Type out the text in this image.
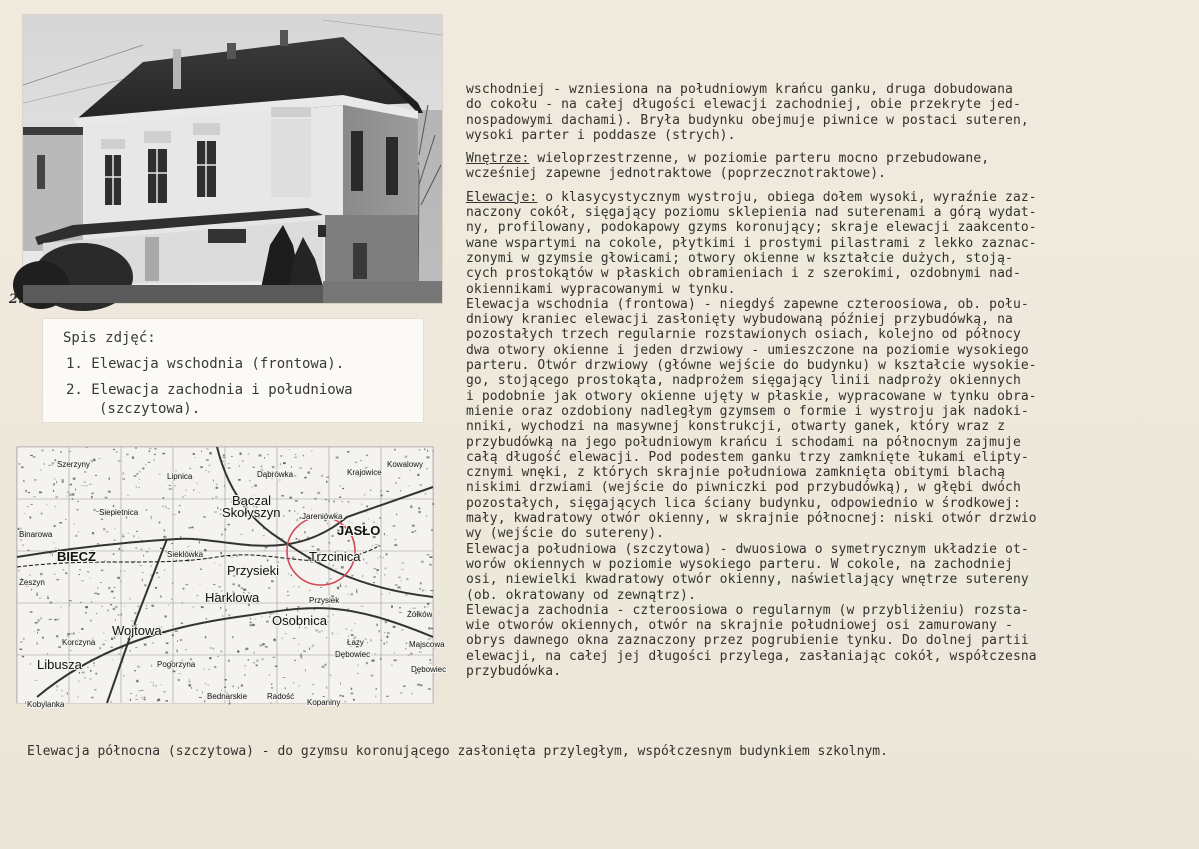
2.
Spis zdjęć:
1. Elewacja wschodnia (frontowa).
2. Elewacja zachodnia i południowa
(szczytowa).
Szerzyny
Lipnica	Dąbrówka	Krajowice
Kowalowy
Bączal
Skołyszyn	Jareniówka
JASŁO
Trzcinica
Siepietnica
Binarowa
BIECZ
Przysieki
Harklowa
Osobnica
Wojtowa
Korczyna
Libusza	Pogorzyna
Kobylanka
Bednarskie Radość
Kopaniny
Łazy
Dębowiec
Żółków
Sieklówka
Przysiek
Żeszyn
Majscowa
Dębowiec

wschodniej - wzniesiona na południowym krańcu ganku, druga dobudowana

do cokołu - na całej długości elewacji zachodniej, obie przekryte jed-

nospadowymi dachami). Bryła budynku obejmuje piwnice w postaci suteren,

wysoki parter i poddasze (strych).

Wnętrze: wieloprzestrzenne, w poziomie parteru mocno przebudowane,

wcześniej zapewne jednotraktowe (poprzecznotraktowe).

Elewacje: o klasycystycznym wystroju, obiega dołem wysoki, wyraźnie zaz-

naczony cokół, sięgający poziomu sklepienia nad suterenami a górą wydat-

ny, profilowany, podokapowy gzyms koronujący; skraje elewacji zaakcento-

wane wspartymi na cokole, płytkimi i prostymi pilastrami z lekko zaznac-

zonymi w gzymsie głowicami; otwory okienne w kształcie dużych, stoją-

cych prostokątów w płaskich obramieniach i z szerokimi, ozdobnymi nad-

okiennikami wypracowanymi w tynku.

Elewacja wschodnia (frontowa) - niegdyś zapewne czteroosiowa, ob. połu-

dniowy kraniec elewacji zasłonięty wybudowaną później przybudówką, na

pozostałych trzech regularnie rozstawionych osiach, kolejno od północy

dwa otwory okienne i jeden drzwiowy - umieszczone na poziomie wysokiego

parteru. Otwór drzwiowy (główne wejście do budynku) w kształcie wysokie-

go, stojącego prostokąta, nadprożem sięgający linii nadproży okiennych

i podobnie jak otwory okienne ujęty w płaskie, wypracowane w tynku obra-

mienie oraz ozdobiony nadległym gzymsem o formie i wystroju jak nadoki-

nniki, wychodzi na masywnej konstrukcji, otwarty ganek, który wraz z

przybudówką na jego południowym krańcu i schodami na północnym zajmuje

całą długość elewacji. Pod podestem ganku trzy zamknięte łukami elipty-

cznymi wnęki, z których skrajnie południowa zamknięta obitymi blachą

niskimi drzwiami (wejście do piwniczki pod przybudówką), w głębi dwóch

pozostałych, sięgających lica ściany budynku, odpowiednio w środkowej:

mały, kwadratowy otwór okienny, w skrajnie północnej: niski otwór drzwio

wy (wejście do sutereny).

Elewacja południowa (szczytowa) - dwuosiowa o symetrycznym układzie ot-

worów okiennych w poziomie wysokiego parteru. W cokole, na zachodniej

osi, niewielki kwadratowy otwór okienny, naświetlający wnętrze sutereny

(ob. okratowany od zewnątrz).

Elewacja zachodnia - czteroosiowa o regularnym (w przybliżeniu) rozsta-

wie otworów okiennych, otwór na skrajnie południowej osi zamurowany -

obrys dawnego okna zaznaczony przez pogrubienie tynku. Do dolnej partii

elewacji, na całej jej długości przylega, zasłaniając cokół, współczesna

przybudówka.

Elewacja północna (szczytowa) - do gzymsu koronującego zasłonięta przyległym, współczesnym budynkiem szkolnym.
